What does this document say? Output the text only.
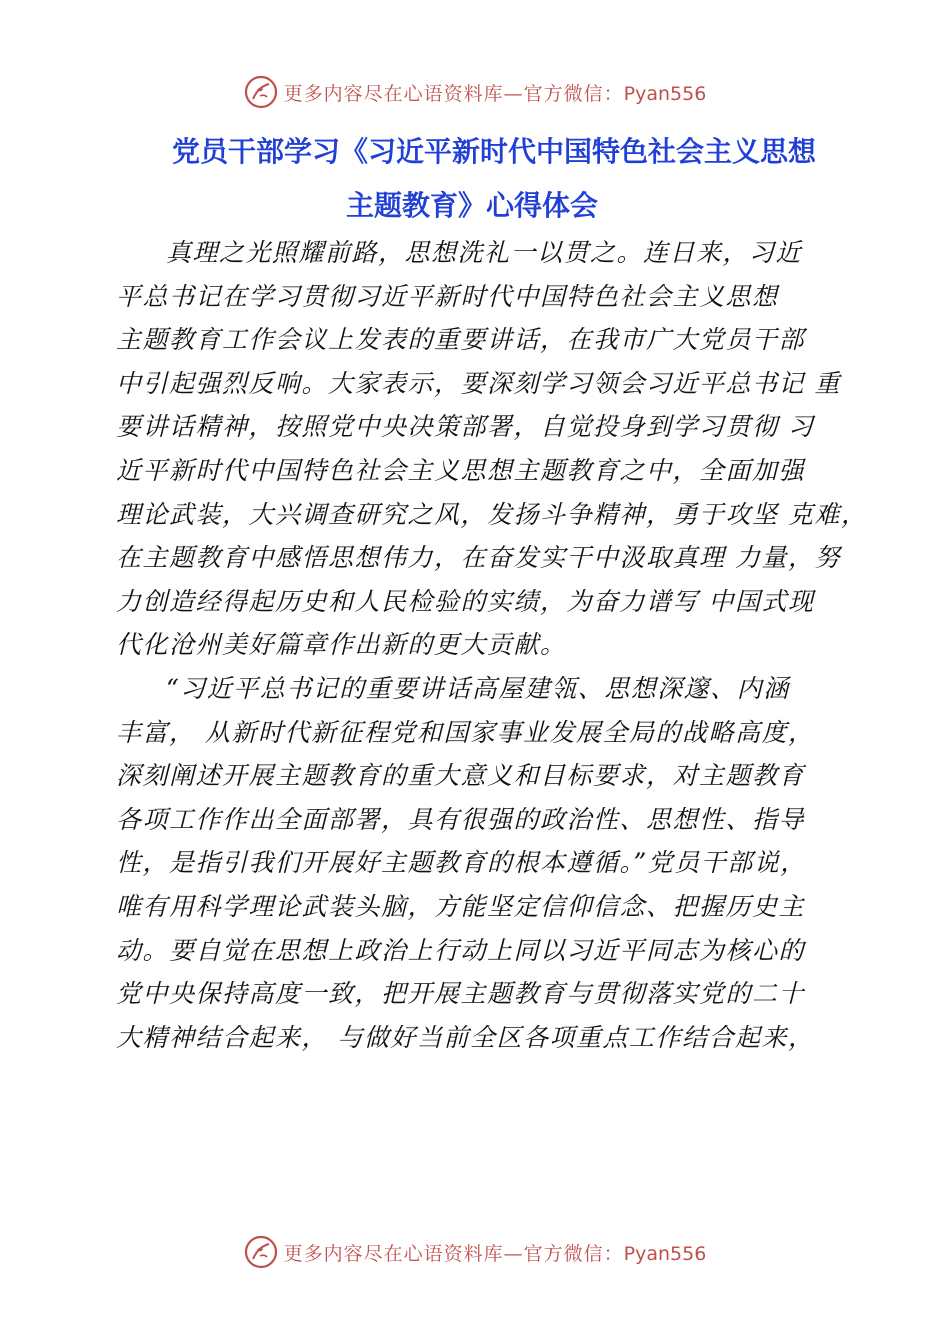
更多内容尽在心语资料库—官方微信：Pyan556
党员干部学习《习近平新时代中国特色社会主义思想
主题教育》心得体会
真理之光照耀前路，思想洗礼一以贯之。连日来，习近
平总书记在学习贯彻习近平新时代中国特色社会主义思想
主题教育工作会议上发表的重要讲话，在我市广大党员干部
中引起强烈反响。大家表示，要深刻学习领会习近平总书记 重
要讲话精神，按照党中央决策部署，自觉投身到学习贯彻 习
近平新时代中国特色社会主义思想主题教育之中，全面加强
理论武装，大兴调查研究之风，发扬斗争精神，勇于攻坚 克难，
在主题教育中感悟思想伟力，在奋发实干中汲取真理 力量，努
力创造经得起历史和人民检验的实绩，为奋力谱写 中国式现
代化沧州美好篇章作出新的更大贡献。
“习近平总书记的重要讲话高屋建瓴、思想深邃、内涵
丰富， 从新时代新征程党和国家事业发展全局的战略高度，
深刻阐述开展主题教育的重大意义和目标要求，对主题教育
各项工作作出全面部署，具有很强的政治性、思想性、指导
性，是指引我们开展好主题教育的根本遵循。”党员干部说，
唯有用科学理论武装头脑，方能坚定信仰信念、把握历史主
动。要自觉在思想上政治上行动上同以习近平同志为核心的
党中央保持高度一致，把开展主题教育与贯彻落实党的二十
大精神结合起来， 与做好当前全区各项重点工作结合起来，
更多内容尽在心语资料库—官方微信：Pyan556
